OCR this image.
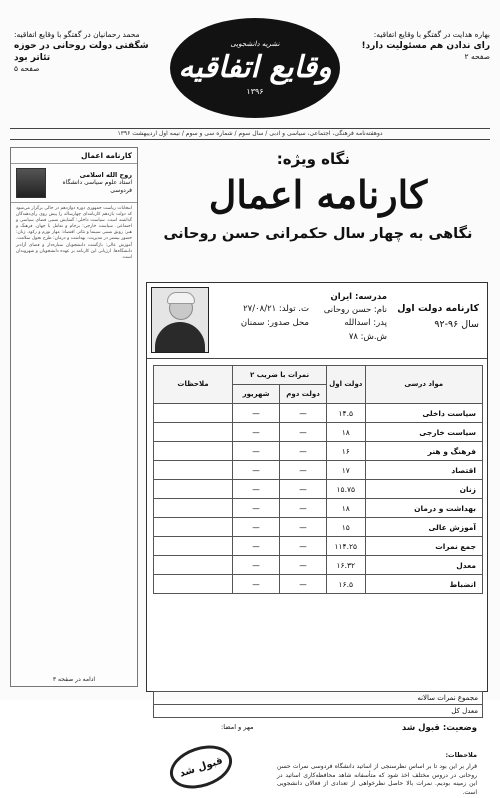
بهاره هدایت در گفتگو با وقایع اتفاقیه:
رای ندادن هم مسئولیت دارد!
صفحه ۲
نشریه دانشجویی
وقایع اتفاقیه
۱۳۹۶
محمد رحمانیان در گفتگو با وقایع اتفاقیه:
شگفتی دولت روحانی در حوزه تئاتر بود
صفحه ۵
دوهفته‌نامه فرهنگی، اجتماعی، سیاسی و ادبی / سال سوم / شماره سی و سوم / نیمه اول اردیبهشت ۱۳۹۶
کارنامه اعمال
روح الله اسلامی
استاد علوم سیاسی دانشگاه فردوسی
انتخابات ریاست جمهوری دوره دوازدهم در حالی برگزار می‌شود که دولت یازدهم کارنامه‌ای چهارساله را پیش روی رأی‌دهندگان گذاشته است. سیاست داخلی: گشایش نسبی فضای سیاسی و اجتماعی. سیاست خارجی: برجام و تعامل با جهان. فرهنگ و هنر: رونق نسبی سینما و تئاتر. اقتصاد: مهار تورم و رکود. زنان: حضور بیشتر در مدیریت. بهداشت و درمان: طرح تحول سلامت. آموزش عالی: بازگشت دانشجویان ستاره‌دار و فضای آزادتر دانشگاه‌ها. ارزیابی این کارنامه بر عهده دانشجویان و شهروندان است.
ادامه در صفحه ۳
نگاه ویژه:
کارنامه اعمال
نگاهی به چهار سال حکمرانی حسن روحانی
کارنامه دولت اول
سال ۹۶-۹۲
مدرسه: ایران
نام: حسن روحانی
پدر: اسدالله
ش.ش: ۷۸
ت. تولد: ۲۷/۰۸/۲۱
محل صدور: سمنان
مواد درسی	دولت اول	نمرات با ضریب ۲		ملاحظات
		دولت دوم	شهریور	
سیاست داخلی	۱۴.۵	—	—	
سیاست خارجی	۱۸	—	—	
فرهنگ و هنر	۱۶	—	—	
اقتصاد	۱۷	—	—	
زنان	۱۵.۷۵	—	—	
بهداشت و درمان	۱۸	—	—	
آموزش عالی	۱۵	—	—	
جمع نمرات	۱۱۴.۲۵	—	—	
معدل	۱۶.۳۲	—	—	
انضباط	۱۶.۵	—	—	
مجموع نمرات سالانه
معدل کل
وضعیت: قبول شد
مهر و امضا:
قبول شد	ملاحظات:
قرار بر این بود تا بر اساس نظرسنجی از اساتید دانشگاه فردوسی نمرات حسن روحانی در دروس مختلف اخذ شود که متأسفانه شاهد محافظه‌کاری اساتید در این زمینه بودیم. نمرات بالا حاصل نظرخواهی از تعدادی از فعالان دانشجویی است.
